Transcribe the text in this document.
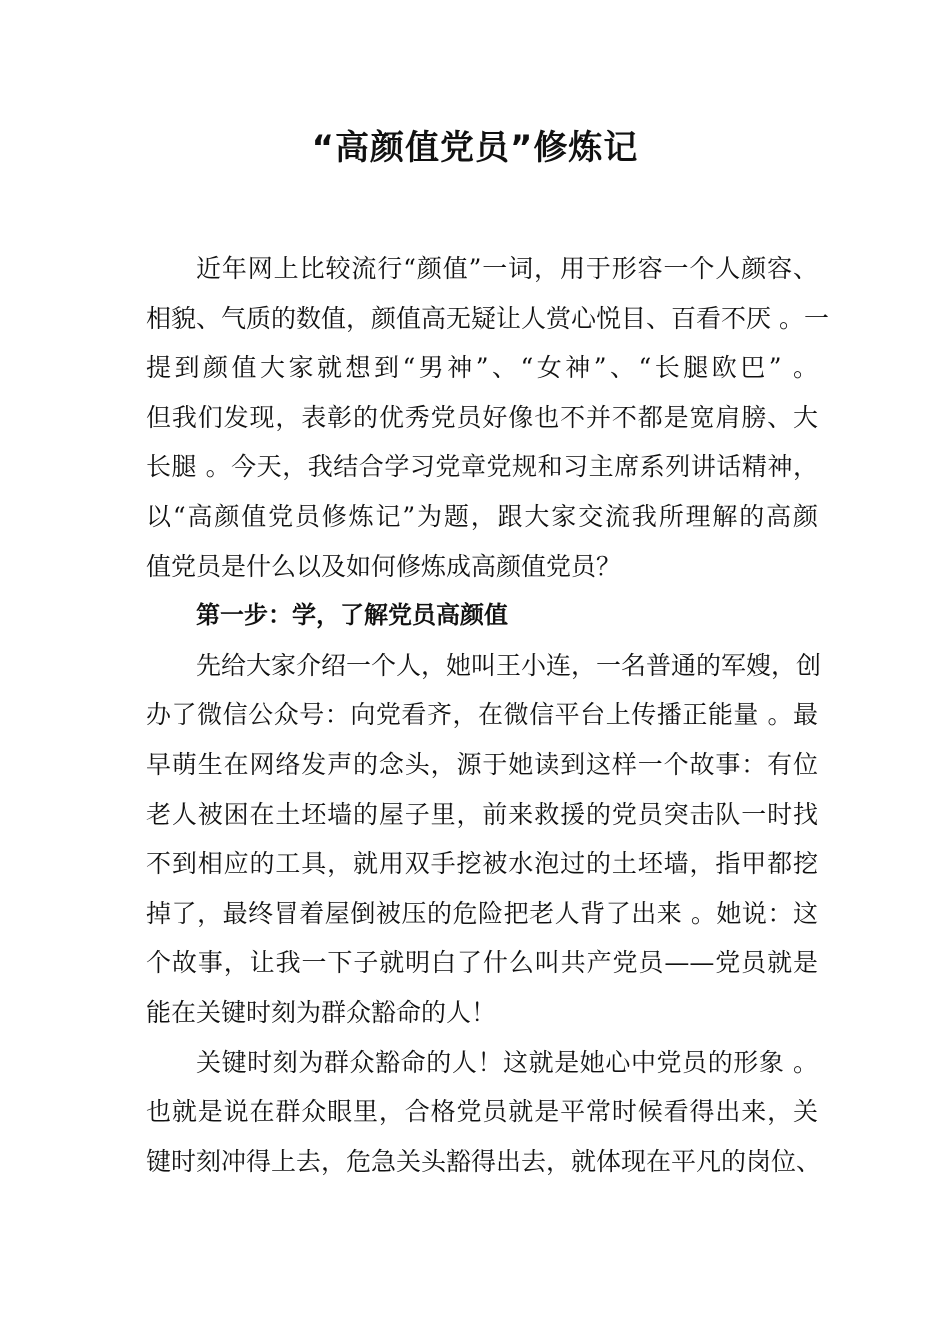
“高颜值党员”修炼记
近年网上比较流行“颜值”一词，用于形容一个人颜容、
相貌、气质的数值，颜值高无疑让人赏心悦目、百看不厌 。一
提到颜值大家就想到“男神”、“女神”、“长腿欧巴” 。
但我们发现，表彰的优秀党员好像也不并不都是宽肩膀、大
长腿 。今天，我结合学习党章党规和习主席系列讲话精神，
以“高颜值党员修炼记”为题，跟大家交流我所理解的高颜
值党员是什么以及如何修炼成高颜值党员？
第一步：学，了解党员高颜值
先给大家介绍一个人，她叫王小连，一名普通的军嫂，创
办了微信公众号：向党看齐，在微信平台上传播正能量 。最
早萌生在网络发声的念头，源于她读到这样一个故事：有位
老人被困在土坯墙的屋子里，前来救援的党员突击队一时找
不到相应的工具，就用双手挖被水泡过的土坯墙，指甲都挖
掉了，最终冒着屋倒被压的危险把老人背了出来 。她说：这
个故事，让我一下子就明白了什么叫共产党员——党员就是
能在关键时刻为群众豁命的人！
关键时刻为群众豁命的人！这就是她心中党员的形象 。
也就是说在群众眼里，合格党员就是平常时候看得出来，关
键时刻冲得上去，危急关头豁得出去，就体现在平凡的岗位、
